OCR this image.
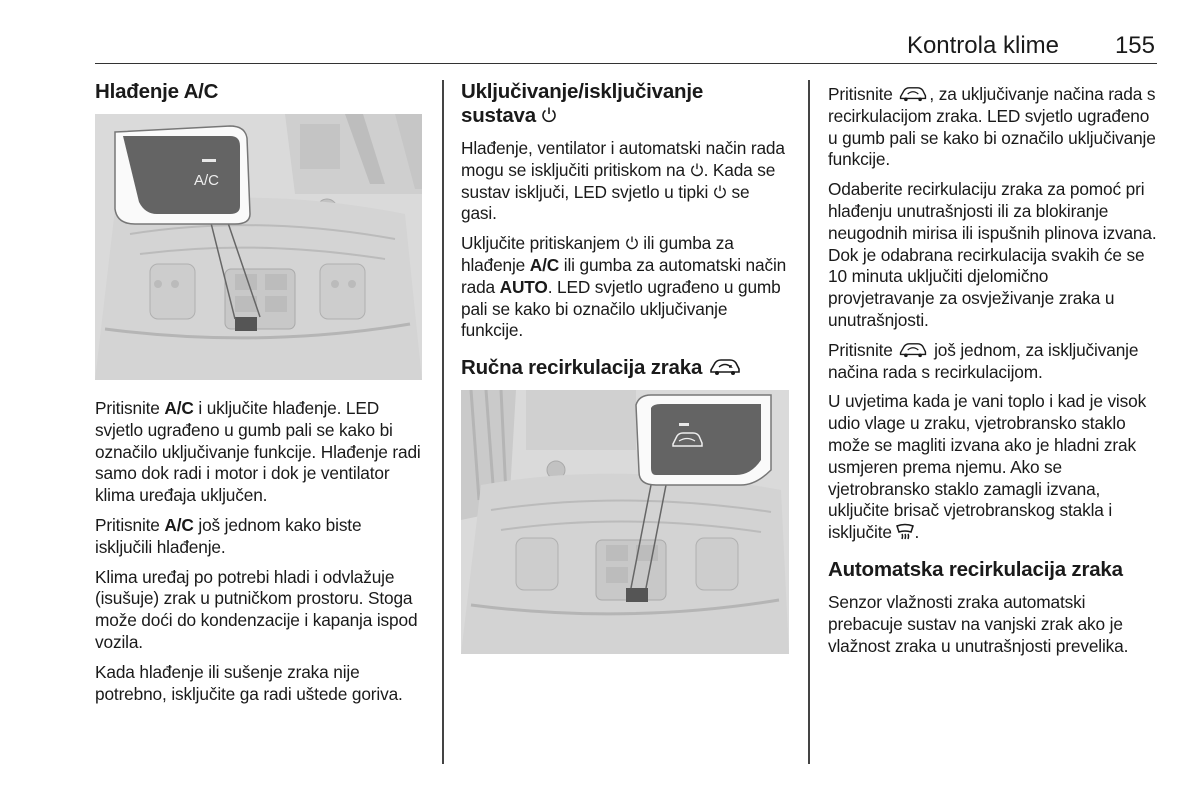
Kontrola klime 155
Hlađenje A/C
A/C

Pritisnite A/C i uključite hlađenje. LED svjetlo ugrađeno u gumb pali se kako bi označilo uključivanje funkcije. Hlađenje radi samo dok radi i motor i dok je ventilator klima uređaja uključen.

Pritisnite A/C još jednom kako biste isključili hlađenje.

Klima uređaj po potrebi hladi i odvlažuje (isušuje) zrak u putničkom prostoru. Stoga može doći do kondenzacije i kapanja ispod vozila.

Kada hlađenje ili sušenje zraka nije potrebno, isključite ga radi uštede goriva.

Uključivanje/isključivanje
sustava

Hlađenje, ventilator i automatski način rada mogu se isključiti pritiskom na . Kada se sustav isključi, LED svjetlo u tipki  se gasi.

Uključite pritiskanjem  ili gumba za hlađenje A/C ili gumba za automatski način rada AUTO. LED svjetlo ugrađeno u gumb pali se kako bi označilo uključivanje funkcije.

Ručna recirkulacija zraka

Pritisnite , za uključivanje načina rada s recirkulacijom zraka. LED svjetlo ugrađeno u gumb pali se kako bi označilo uključivanje funkcije.

Odaberite recirkulaciju zraka za pomoć pri hlađenju unutrašnjosti ili za blokiranje neugodnih mirisa ili ispušnih plinova izvana. Dok je odabrana recirkulacija svakih će se 10 minuta uključiti djelomično provjetravanje za osvježivanje zraka u unutrašnjosti.

Pritisnite  još jednom, za isključivanje načina rada s recirkulacijom.

U uvjetima kada je vani toplo i kad je visok udio vlage u zraku, vjetrobransko staklo može se magliti izvana ako je hladni zrak usmjeren prema njemu. Ako se vjetrobransko staklo zamagli izvana, uključite brisač vjetrobranskog stakla i isključite .

Automatska recirkulacija zraka

Senzor vlažnosti zraka automatski prebacuje sustav na vanjski zrak ako je vlažnost zraka u unutrašnjosti prevelika.
